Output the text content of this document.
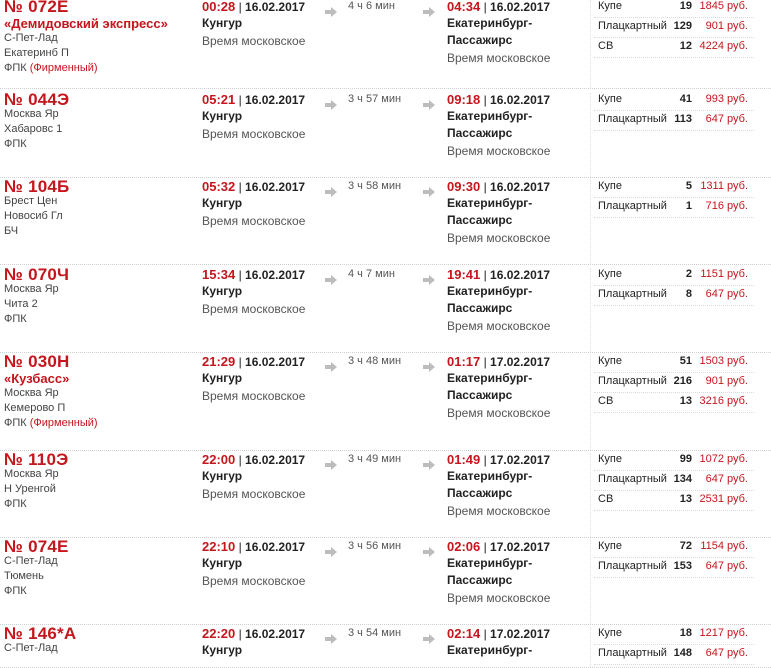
№ 072Е
«Демидовский экспресс»
С-Пет-Лад
Екатеринб П
ФПК (Фирменный)
00:28 | 16.02.2017
Кунгур
Время московское
4 ч 6 мин	04:34 | 16.02.2017
Екатеринбург-
Пассажирс
Время московское
Купе	19 1845 руб.
Плацкартный 129 901 руб.
СВ	12 4224 руб.
№ 044Э
Москва Яр
Хабаровс 1
ФПК
05:21 | 16.02.2017
Кунгур
Время московское
3 ч 57 мин	09:18 | 16.02.2017
Екатеринбург-
Пассажирс
Время московское
Купе	41 993 руб.
Плацкартный 113 647 руб.
№ 104Б
Брест Цен
Новосиб Гл
БЧ
05:32 | 16.02.2017
Кунгур
Время московское
3 ч 58 мин	09:30 | 16.02.2017
Екатеринбург-
Пассажирс
Время московское
Купе	5 1311 руб.
Плацкартный 1 716 руб.
№ 070Ч
Москва Яр
Чита 2
ФПК
15:34 | 16.02.2017
Кунгур
Время московское
4 ч 7 мин	19:41 | 16.02.2017
Екатеринбург-
Пассажирс
Время московское
Купе	2 1151 руб.
Плацкартный 8 647 руб.
№ 030Н
«Кузбасс»
Москва Яр
Кемерово П
ФПК (Фирменный)
21:29 | 16.02.2017
Кунгур
Время московское
3 ч 48 мин	01:17 | 17.02.2017
Екатеринбург-
Пассажирс
Время московское
Купе	51 1503 руб.
Плацкартный 216 901 руб.
СВ	13 3216 руб.
№ 110Э
Москва Яр
Н Уренгой
ФПК
22:00 | 16.02.2017
Кунгур
Время московское
3 ч 49 мин	01:49 | 17.02.2017
Екатеринбург-
Пассажирс
Время московское
Купе	99 1072 руб.
Плацкартный 134 647 руб.
СВ	13 2531 руб.
№ 074Е
С-Пет-Лад
Тюмень
ФПК
22:10 | 16.02.2017
Кунгур
Время московское
3 ч 56 мин	02:06 | 17.02.2017
Екатеринбург-
Пассажирс
Время московское
Купе	72 1154 руб.
Плацкартный 153 647 руб.
№ 146*А
С-Пет-Лад
22:20 | 16.02.2017
Кунгур
3 ч 54 мин	02:14 | 17.02.2017
Екатеринбург-
Купе	18 1217 руб.
Плацкартный 148 647 руб.
